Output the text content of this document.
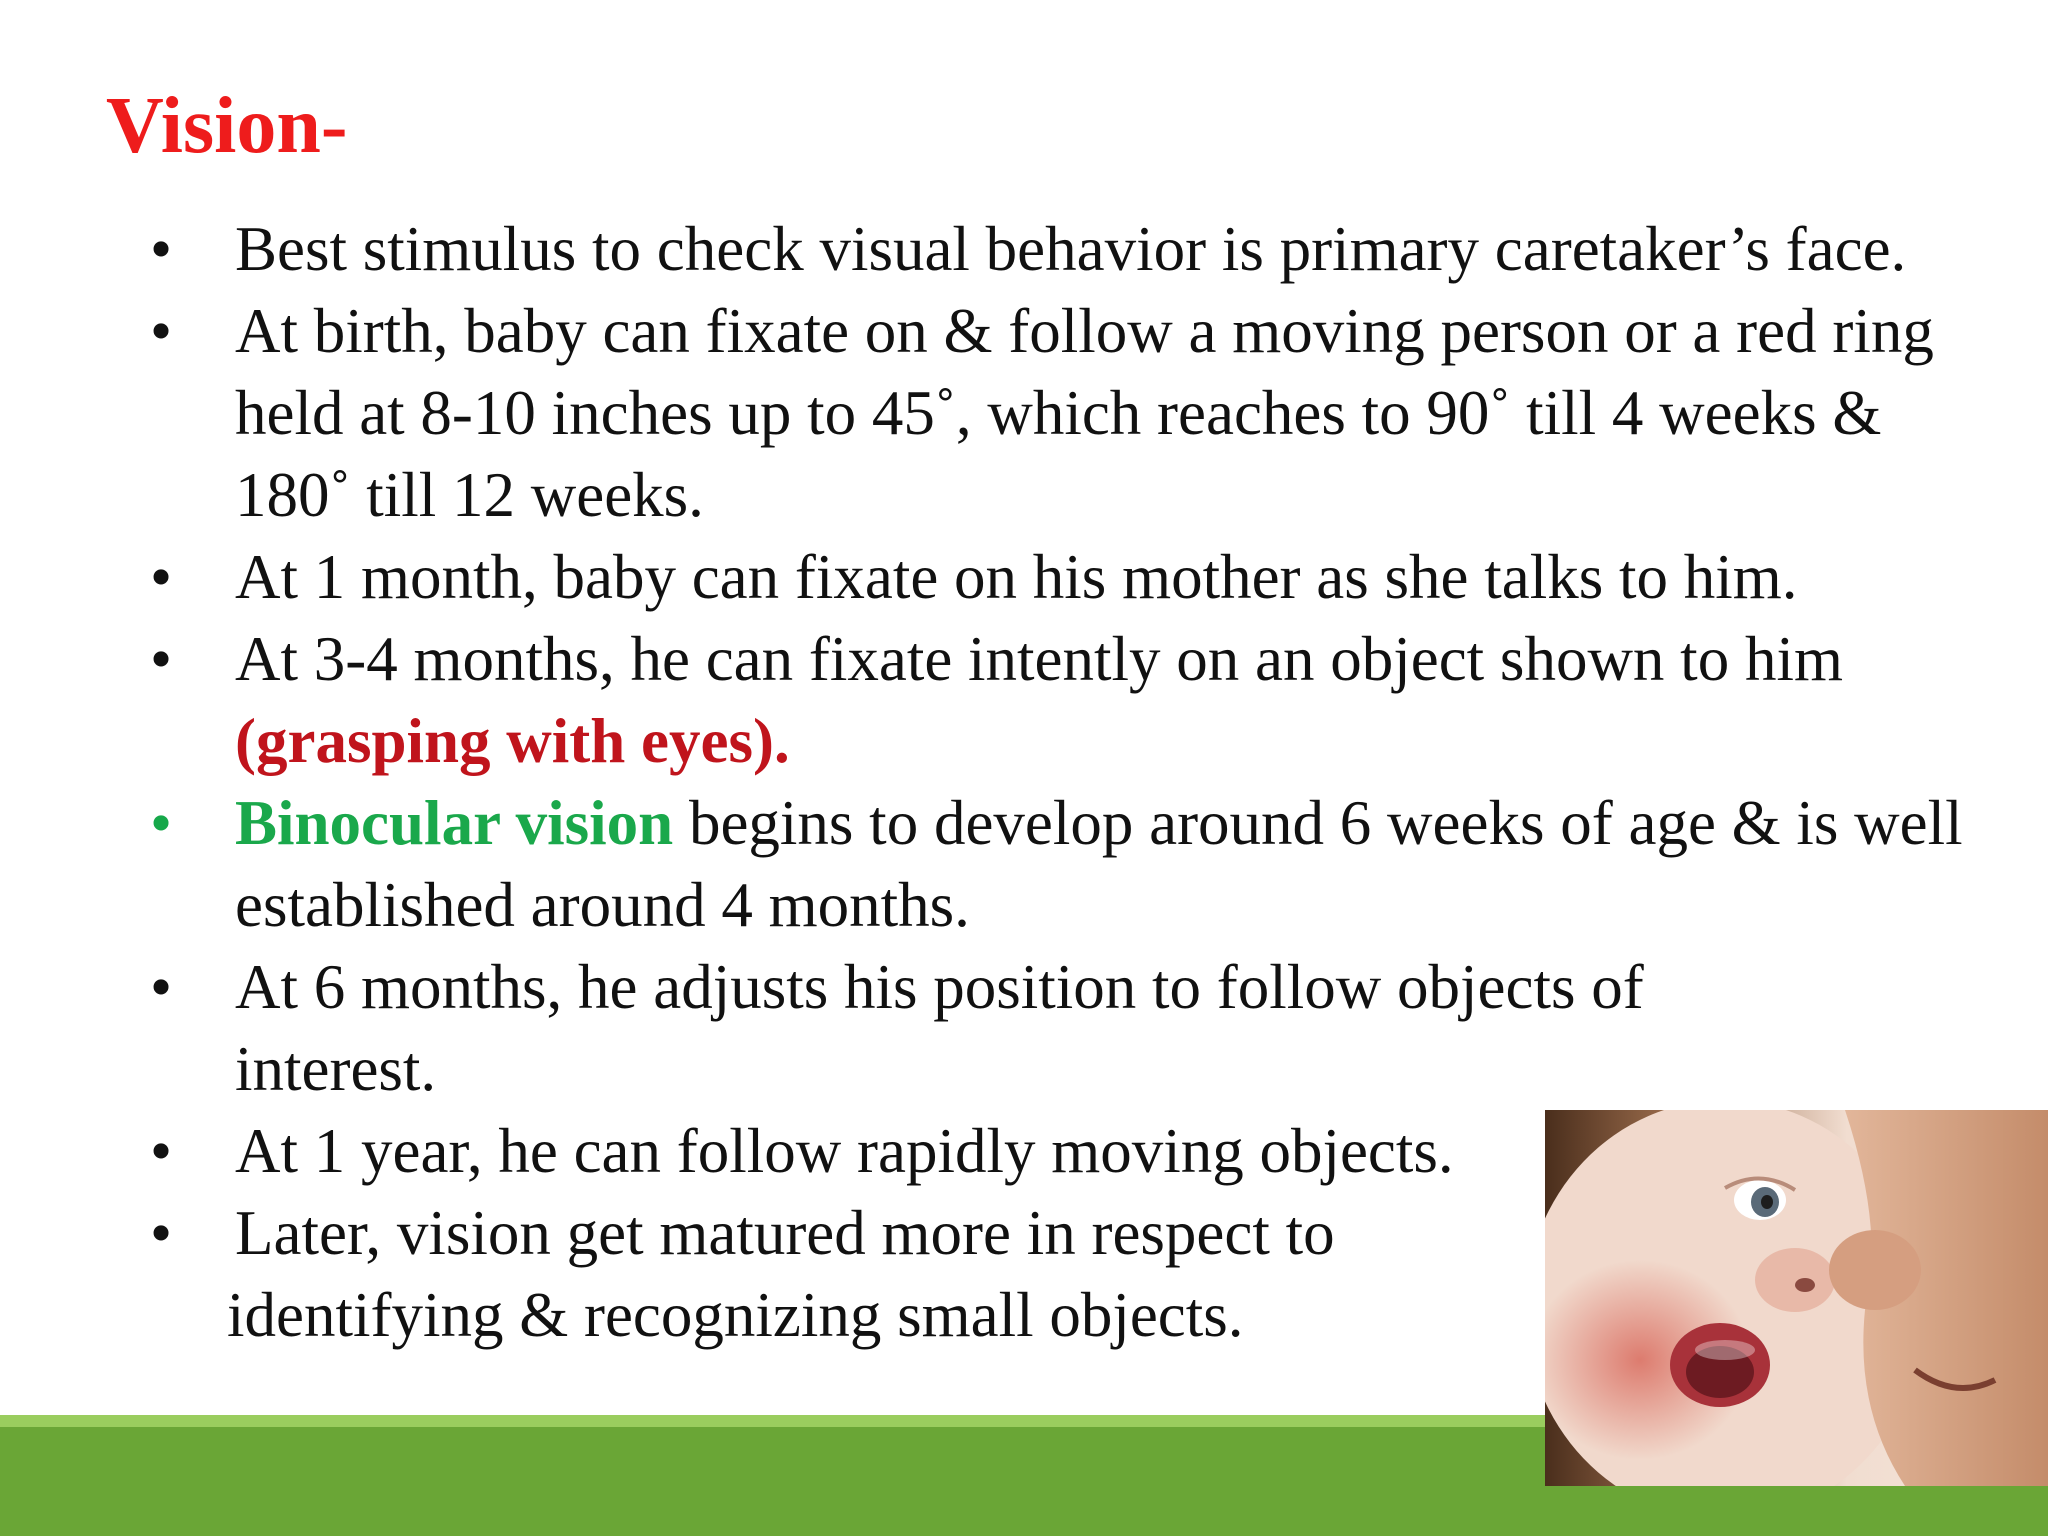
Vision-
• Best stimulus to check visual behavior is primary caretaker’s face.
• At birth, baby can fixate on & follow a moving person or a red ring held at 8-10 inches up to 45˚, which reaches to 90˚ till 4 weeks & 180˚ till 12 weeks.
• At 1 month, baby can fixate on his mother as she talks to him.
• At 3-4 months, he can fixate intently on an object shown to him
(grasping with eyes).
• Binocular vision begins to develop around 6 weeks of age & is well established around 4 months.
• At 6 months, he adjusts his position to follow objects of interest.
• At 1 year, he can follow rapidly moving objects.
• Later, vision get matured more in respect to
identifying & recognizing small objects.
